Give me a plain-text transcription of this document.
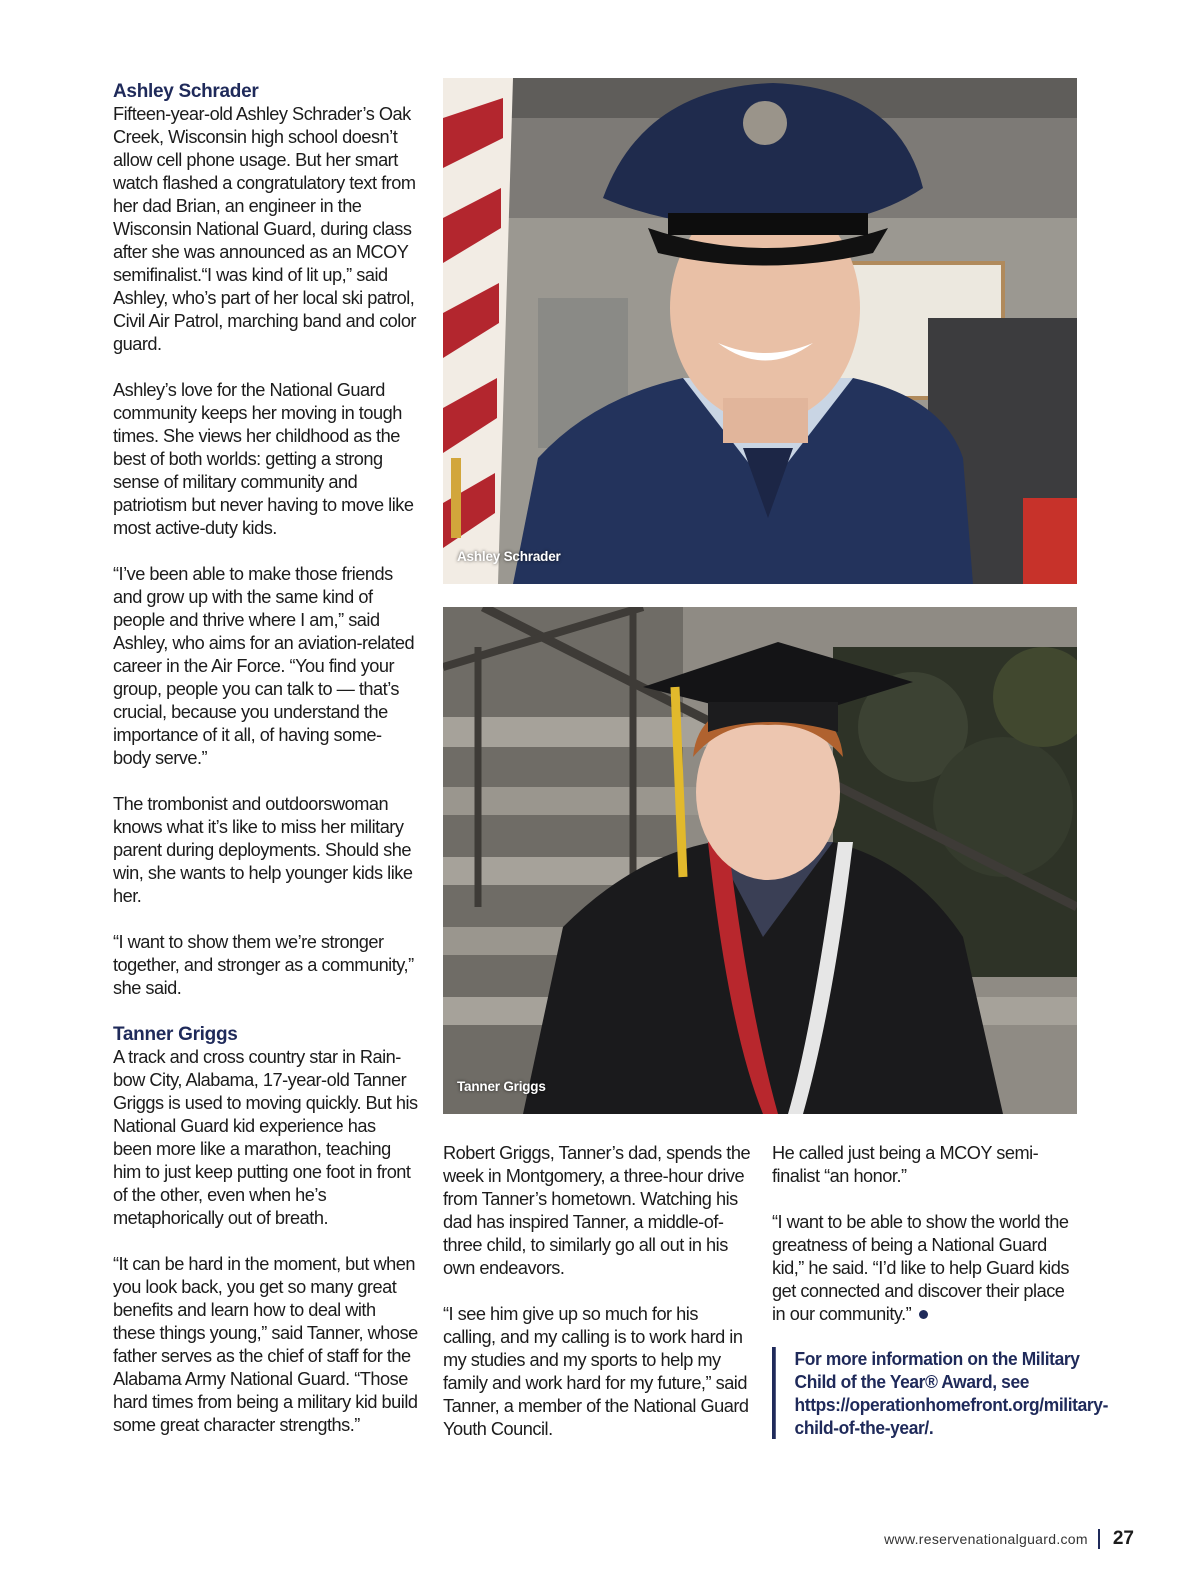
Ashley Schrader

Fifteen-year-old Ashley Schrader’s Oak Creek, Wisconsin high school doesn’t allow cell phone usage. But her smart watch flashed a congratulatory text from her dad Brian, an engineer in the Wisconsin National Guard, during class after she was announced as an MCOY semifinalist.“I was kind of lit up,” said Ashley, who’s part of her local ski patrol, Civil Air Patrol, marching band and color guard.

Ashley’s love for the National Guard community keeps her moving in tough times. She views her childhood as the best of both worlds: getting a strong sense of military community and patriotism but never having to move like most active-duty kids.

“I’ve been able to make those friends and grow up with the same kind of people and thrive where I am,” said Ashley, who aims for an aviation-related career in the Air Force. “You find your group, people you can talk to — that’s crucial, because you understand the importance of it all, of having some-body serve.”

The trombonist and outdoorswoman knows what it’s like to miss her military parent during deployments. Should she win, she wants to help younger kids like her.

“I want to show them we’re stronger together, and stronger as a community,” she said.

Tanner Griggs

A track and cross country star in Rain-bow City, Alabama, 17-year-old Tanner Griggs is used to moving quickly. But his National Guard kid experience has been more like a marathon, teaching him to just keep putting one foot in front of the other, even when he’s metaphorically out of breath.

“It can be hard in the moment, but when you look back, you get so many great benefits and learn how to deal with these things young,” said Tanner, whose father serves as the chief of staff for the Alabama Army National Guard. “Those hard times from being a military kid build some great character strengths.”

Ashley Schrader
Tanner Griggs

Robert Griggs, Tanner’s dad, spends the week in Montgomery, a three-hour drive from Tanner’s hometown. Watching his dad has inspired Tanner, a middle-of-three child, to similarly go all out in his own endeavors.

“I see him give up so much for his calling, and my calling is to work hard in my studies and my sports to help my family and work hard for my future,” said Tanner, a member of the National Guard Youth Council.

He called just being a MCOY semi-finalist “an honor.”

“I want to be able to show the world the greatness of being a National Guard kid,” he said. “I’d like to help Guard kids get connected and discover their place in our community.”

For more information on the Military Child of the Year® Award, see https://operationhomefront.org/military-child-of-the-year/.
www.reservenationalguard.com 27
